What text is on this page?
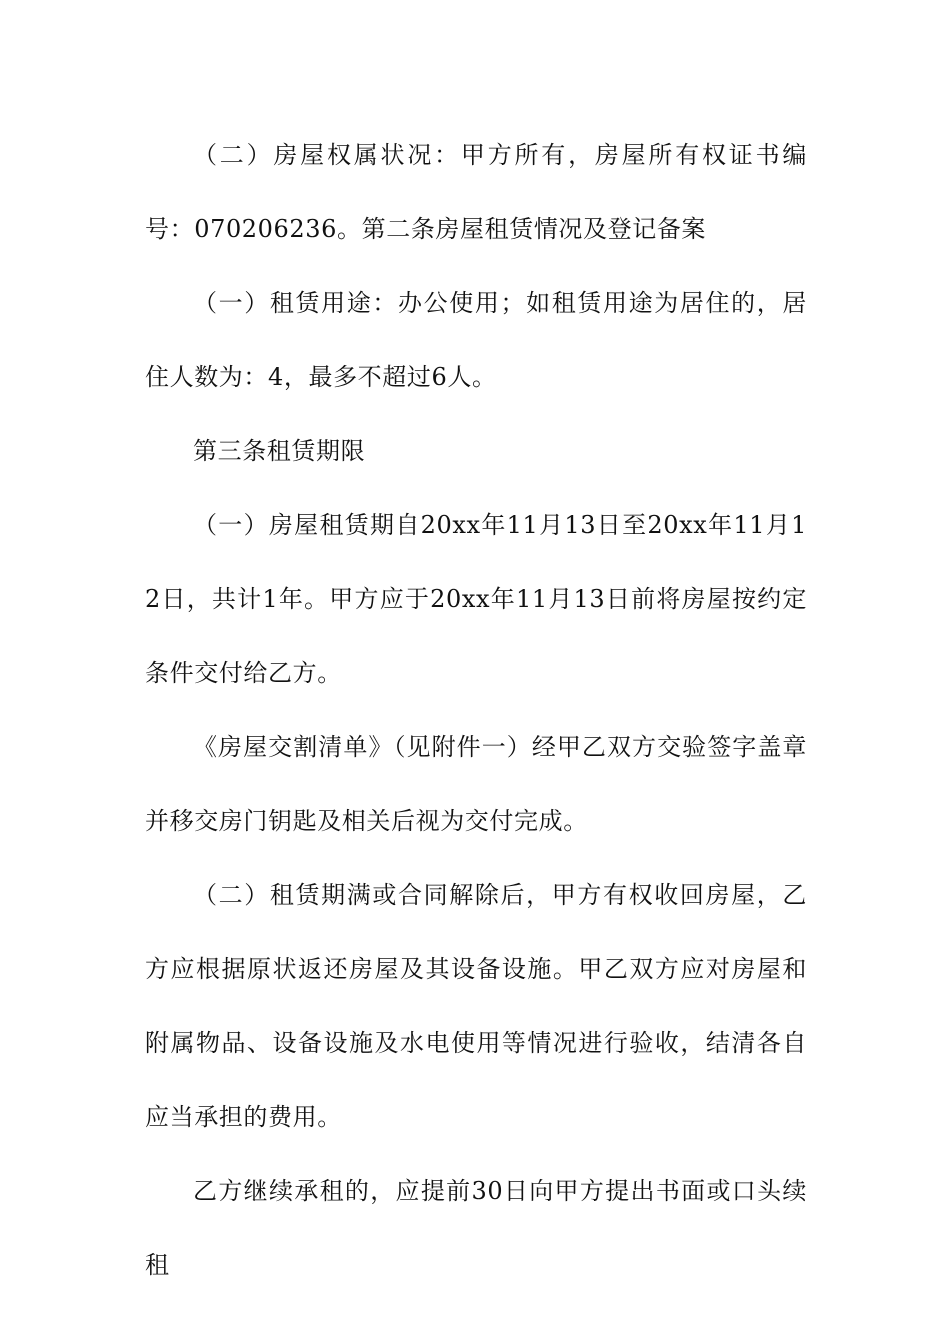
（二）房屋权属状况：甲方所有，房屋所有权证书编号：070206236。第二条房屋租赁情况及登记备案

（一）租赁用途：办公使用；如租赁用途为居住的，居住人数为：4，最多不超过6人。

第三条租赁期限

（一）房屋租赁期自20xx年11月13日至20xx年11月12日，共计1年。甲方应于20xx年11月13日前将房屋按约定条件交付给乙方。

《房屋交割清单》（见附件一）经甲乙双方交验签字盖章并移交房门钥匙及相关后视为交付完成。

（二）租赁期满或合同解除后，甲方有权收回房屋，乙方应根据原状返还房屋及其设备设施。甲乙双方应对房屋和附属物品、设备设施及水电使用等情况进行验收，结清各自应当承担的费用。

乙方继续承租的，应提前30日向甲方提出书面或口头续租
